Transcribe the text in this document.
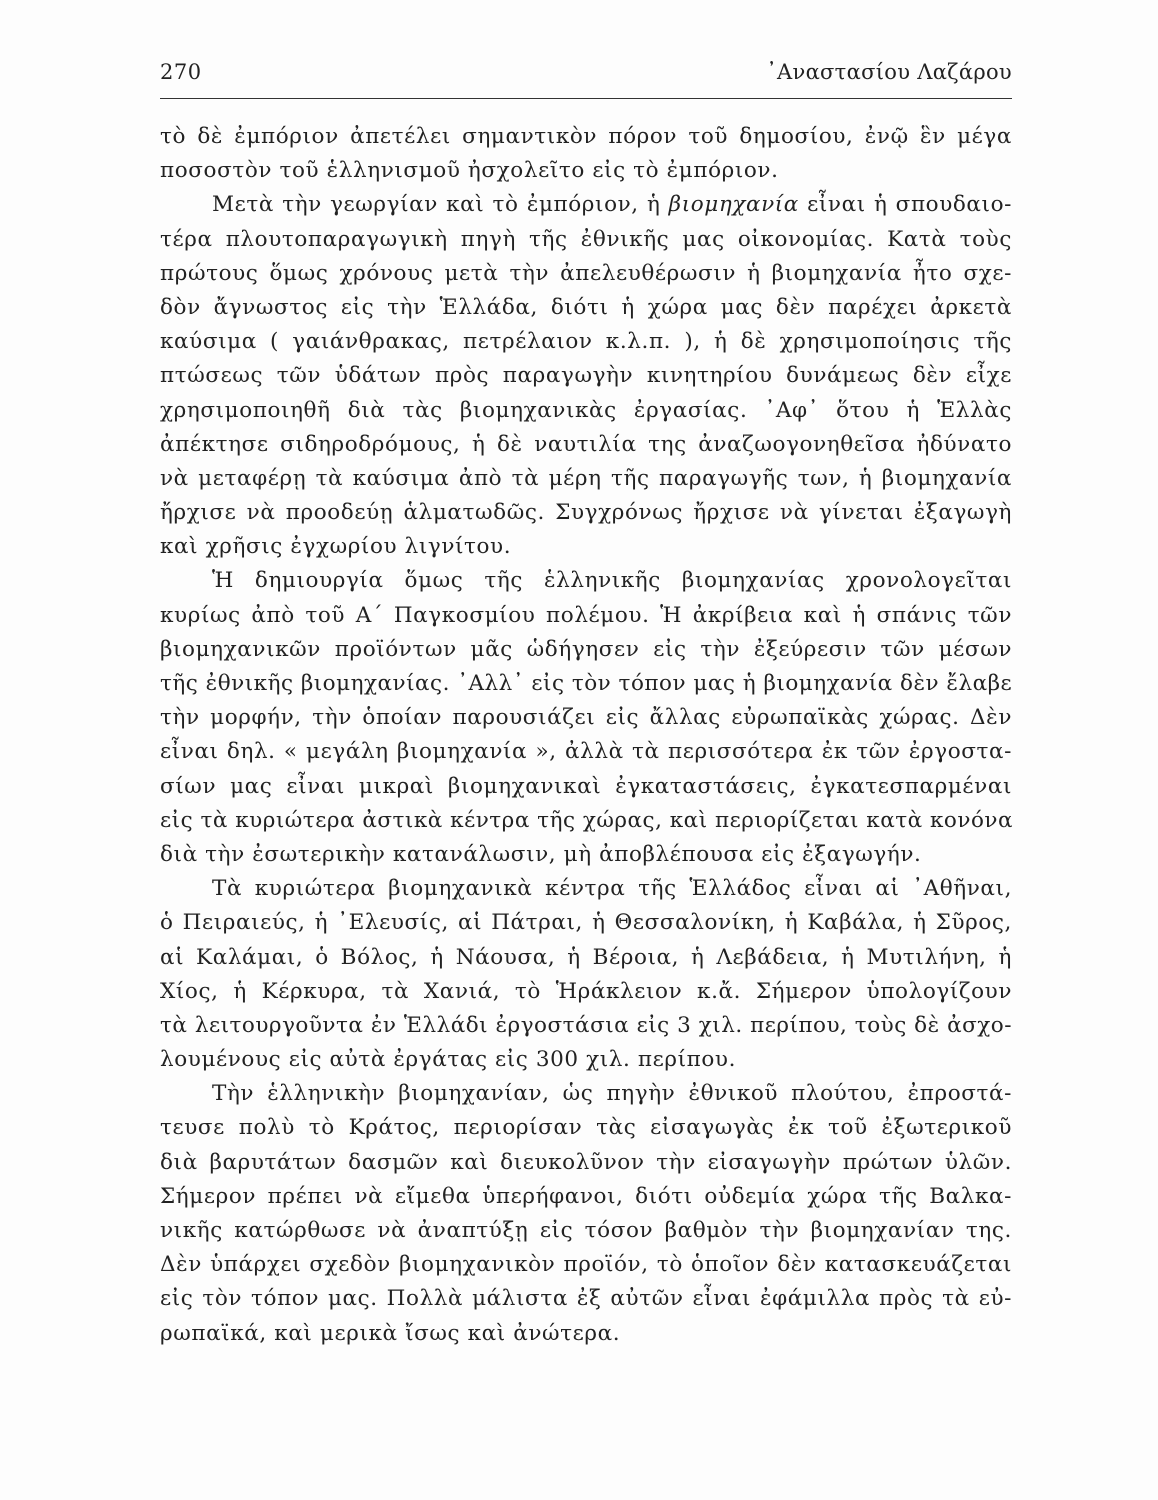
270	᾽Αναστασίου Λαζάρου

τὸ δὲ ἐμπόριον ἀπετέλει σημαντικὸν πόρον τοῦ δημοσίου, ἐνῷ ἓν μέγα
ποσοστὸν τοῦ ἑλληνισμοῦ ἠσχολεῖτο εἰς τὸ ἐμπόριον.

Μετὰ τὴν γεωργίαν καὶ τὸ ἐμπόριον, ἡ βιομηχανία εἶναι ἡ σπουδαιο-
τέρα πλουτοπαραγωγικὴ πηγὴ τῆς ἐθνικῆς μας οἰκονομίας. Κατὰ τοὺς
πρώτους ὅμως χρόνους μετὰ τὴν ἀπελευθέρωσιν ἡ βιομηχανία ἦτο σχε-
δὸν ἄγνωστος εἰς τὴν Ἑλλάδα, διότι ἡ χώρα μας δὲν παρέχει ἀρκετὰ
καύσιμα ( γαιάνθρακας, πετρέλαιον κ.λ.π. ), ἡ δὲ χρησιμοποίησις τῆς
πτώσεως τῶν ὑδάτων πρὸς παραγωγὴν κινητηρίου δυνάμεως δὲν εἶχε
χρησιμοποιηθῆ διὰ τὰς βιομηχανικὰς ἐργασίας. ᾽Αφ᾽ ὅτου ἡ Ἑλλὰς
ἀπέκτησε σιδηροδρόμους, ἡ δὲ ναυτιλία της ἀναζωογονηθεῖσα ἠδύνατο
νὰ μεταφέρῃ τὰ καύσιμα ἀπὸ τὰ μέρη τῆς παραγωγῆς των, ἡ βιομηχανία
ἤρχισε νὰ προοδεύῃ ἁλματωδῶς. Συγχρόνως ἤρχισε νὰ γίνεται ἐξαγωγὴ
καὶ χρῆσις ἐγχωρίου λιγνίτου.

Ἡ δημιουργία ὅμως τῆς ἑλληνικῆς βιομηχανίας χρονολογεῖται
κυρίως ἀπὸ τοῦ Α´ Παγκοσμίου πολέμου. Ἡ ἀκρίβεια καὶ ἡ σπάνις τῶν
βιομηχανικῶν προϊόντων μᾶς ὡδήγησεν εἰς τὴν ἐξεύρεσιν τῶν μέσων
τῆς ἐθνικῆς βιομηχανίας. ᾽Αλλ᾽ εἰς τὸν τόπον μας ἡ βιομηχανία δὲν ἔλαβε
τὴν μορφήν, τὴν ὁποίαν παρουσιάζει εἰς ἄλλας εὐρωπαϊκὰς χώρας. Δὲν
εἶναι δηλ. « μεγάλη βιομηχανία », ἀλλὰ τὰ περισσότερα ἐκ τῶν ἐργοστα-
σίων μας εἶναι μικραὶ βιομηχανικαὶ ἐγκαταστάσεις, ἐγκατεσπαρμέναι
εἰς τὰ κυριώτερα ἀστικὰ κέντρα τῆς χώρας, καὶ περιορίζεται κατὰ κονόνα
διὰ τὴν ἐσωτερικὴν κατανάλωσιν, μὴ ἀποβλέπουσα εἰς ἐξαγωγήν.

Τὰ κυριώτερα βιομηχανικὰ κέντρα τῆς Ἑλλάδος εἶναι αἱ ᾽Αθῆναι,
ὁ Πειραιεύς, ἡ ᾽Ελευσίς, αἱ Πάτραι, ἡ Θεσσαλονίκη, ἡ Καβάλα, ἡ Σῦρος,
αἱ Καλάμαι, ὁ Βόλος, ἡ Νάουσα, ἡ Βέροια, ἡ Λεβάδεια, ἡ Μυτιλήνη, ἡ
Χίος, ἡ Κέρκυρα, τὰ Χανιά, τὸ Ἡράκλειον κ.ἄ. Σήμερον ὑπολογίζουν
τὰ λειτουργοῦντα ἐν Ἑλλάδι ἐργοστάσια εἰς 3 χιλ. περίπου, τοὺς δὲ ἀσχο-
λουμένους εἰς αὐτὰ ἐργάτας εἰς 300 χιλ. περίπου.

Τὴν ἑλληνικὴν βιομηχανίαν, ὡς πηγὴν ἐθνικοῦ πλούτου, ἐπροστά-
τευσε πολὺ τὸ Κράτος, περιορίσαν τὰς εἰσαγωγὰς ἐκ τοῦ ἐξωτερικοῦ
διὰ βαρυτάτων δασμῶν καὶ διευκολῦνον τὴν εἰσαγωγὴν πρώτων ὑλῶν.
Σήμερον πρέπει νὰ εἴμεθα ὑπερήφανοι, διότι οὐδεμία χώρα τῆς Βαλκα-
νικῆς κατώρθωσε νὰ ἀναπτύξῃ εἰς τόσον βαθμὸν τὴν βιομηχανίαν της.
Δὲν ὑπάρχει σχεδὸν βιομηχανικὸν προϊόν, τὸ ὁποῖον δὲν κατασκευάζεται
εἰς τὸν τόπον μας. Πολλὰ μάλιστα ἐξ αὐτῶν εἶναι ἐφάμιλλα πρὸς τὰ εὐ-
ρωπαϊκά, καὶ μερικὰ ἴσως καὶ ἀνώτερα.
